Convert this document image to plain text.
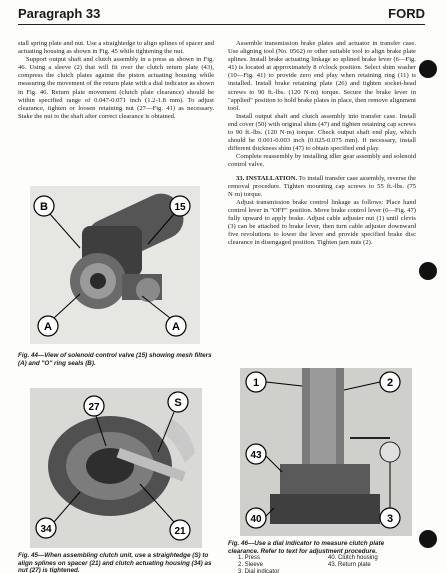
Paragraph 33	FORD

stall spring plate and nut. Use a straightedge to align splines of spacer and actuating housing as shown in Fig. 45 while tightening the nut.

Support output shaft and clutch assembly in a press as shown in Fig. 46. Using a sleeve (2) that will fit over the clutch return plate (43), compress the clutch plates against the piston actuating housing while measuring the movement of the return plate with a dial indicator as shown in Fig. 46. Return plate movement (clutch plate clearance) should be within specified range of 0.047-0.071 inch (1.2-1.8 mm). To adjust clearance, tighten or loosen retaining nut (27—Fig. 41) as necessary. Stake the nut to the shaft after correct clearance is obtained.

Assemble transmission brake plates and actuator in transfer case. Use aligning tool (No. 0562) or other suitable tool to align brake plate splines. Install brake actuating linkage so splined brake lever (6—Fig. 41) is located at approximately 8 o'clock position. Select shim washer (10—Fig. 41) to provide zero end play when retaining ring (11) is installed. Install brake retaining plate (26) and tighten socket-head screws to 90 ft.-lbs. (120 N·m) torque. Secure the brake lever in "applied" position to hold brake plates in place, then remove alignment tool.

Install output shaft and clutch assembly into transfer case. Install end cover (50) with original shim (47) and tighten retaining cap screws to 90 ft.-lbs. (120 N·m) torque. Check output shaft end play, which should be 0.001-0.003 inch (0.025-0.075 mm). If necessary, install different thickness shim (47) to obtain specified end play.

Complete reassembly by installing idler gear assembly and solenoid control valve.

33. INSTALLATION. To install transfer case assembly, reverse the removal procedure. Tighten mounting cap screws to 55 ft.-lbs. (75 N·m) torque.

Adjust transmission brake control linkage as follows: Place hand control lever in "OFF" position. Move brake control lever (6—Fig. 47) fully upward to apply brake. Adjust cable adjuster nut (1) until clevis (3) can be attached to brake lever, then turn cable adjuster downward five revolutions to lower the lever and provide specified brake disc clearance in disengaged position. Tighten jam nuts (2).

B	15
A	A
Fig. 44—View of solenoid control valve (15) showing mesh filters (A) and "O" ring seals (B).
27	S
34	21
Fig. 45—When assembling clutch unit, use a straightedge (S) to align splines on spacer (21) and clutch actuating housing (34) as nut (27) is tightened.
1	2
43
40	3
Fig. 46—Use a dial indicator to measure clutch plate clearance. Refer to text for adjustment procedure.
1. Press	40. Clutch housing
2. Sleeve	43. Return plate
3. Dial indicator
